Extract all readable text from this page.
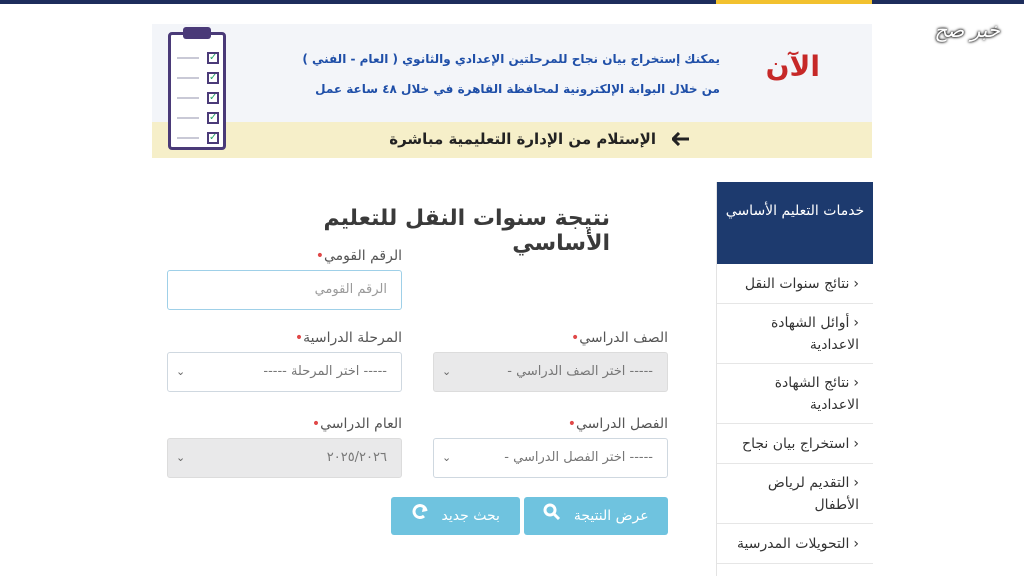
خبر صح
✓
✓
✓
✓
✓
يمكنك إستخراج بيان نجاح للمرحلتين الإعدادي والثانوي ( العام - الفني )
من خلال البوابة الإلكترونية لمحافظة القاهرة في خلال ٤٨ ساعة عمل
الآن
الإستلام من الإدارة التعليمية مباشرة
نتيجة سنوات النقل للتعليم الأساسي
الرقم القومي•
الرقم القومي
الصف الدراسي•
⌄	----- اختر الصف الدراسي -
المرحلة الدراسية•
⌄	----- اختر المرحلة -----
الفصل الدراسي•
⌄	----- اختر الفصل الدراسي -
العام الدراسي•
⌄	٢٠٢٥/٢٠٢٦
عرض النتيجة
بحث جديد
خدمات التعليم الأساسي
‹نتائج سنوات النقل
‹أوائل الشهادة الاعدادية
‹نتائج الشهادة الاعدادية
‹استخراج بيان نجاح
‹التقديم لرياض الأطفال
‹التحويلات المدرسية
